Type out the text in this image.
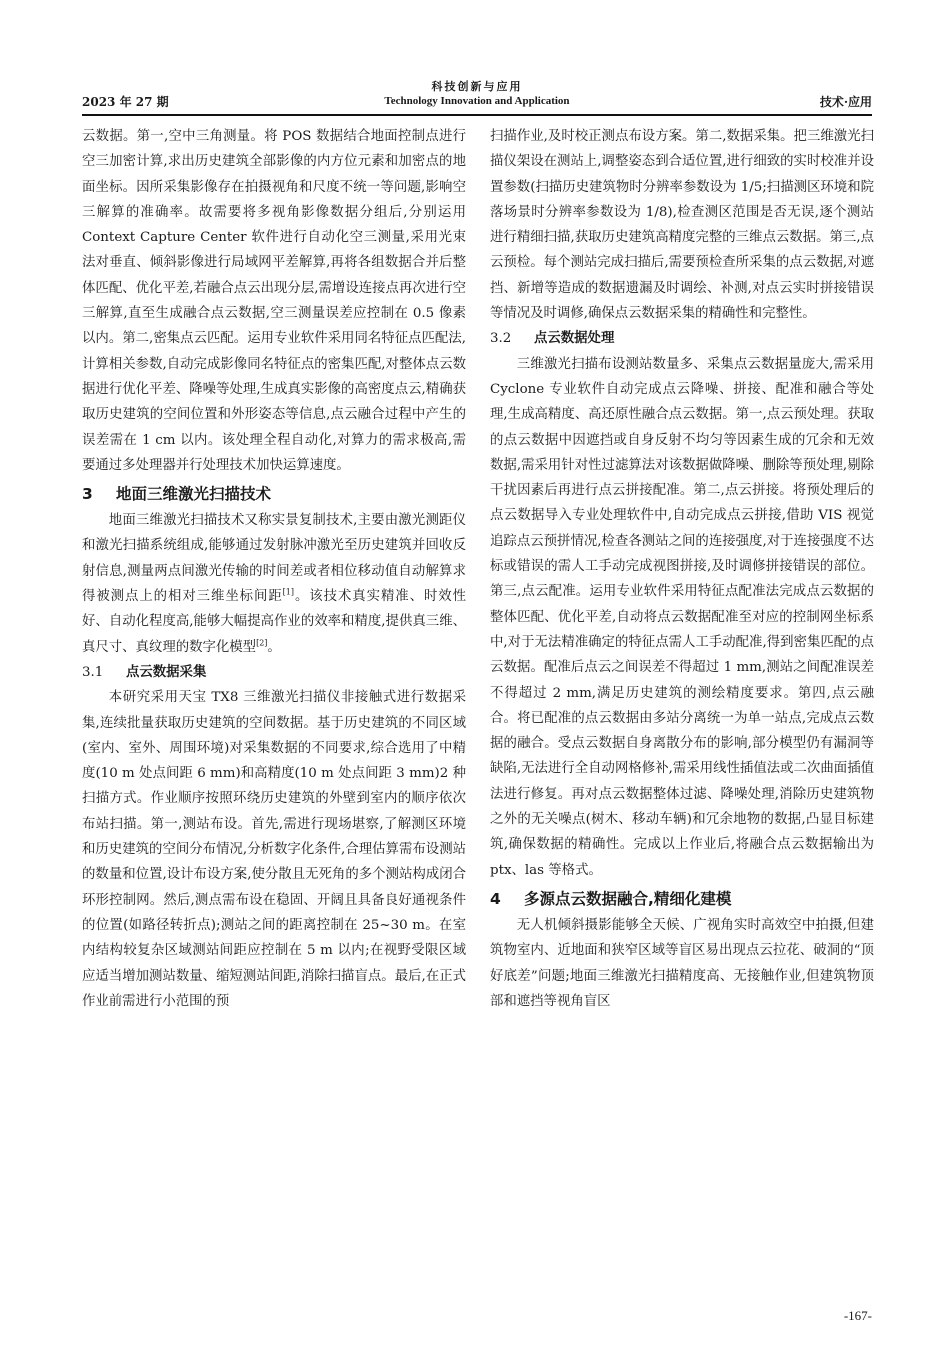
2023 年 27 期
科技创新与应用
Technology Innovation and Application	技术·应用

云数据。第一,空中三角测量。将 POS 数据结合地面控制点进行空三加密计算,求出历史建筑全部影像的内方位元素和加密点的地面坐标。因所采集影像存在拍摄视角和尺度不统一等问题,影响空三解算的准确率。故需要将多视角影像数据分组后,分别运用 Context Capture Center 软件进行自动化空三测量,采用光束法对垂直、倾斜影像进行局域网平差解算,再将各组数据合并后整体匹配、优化平差,若融合点云出现分层,需增设连接点再次进行空三解算,直至生成融合点云数据,空三测量误差应控制在 0.5 像素以内。第二,密集点云匹配。运用专业软件采用同名特征点匹配法,计算相关参数,自动完成影像同名特征点的密集匹配,对整体点云数据进行优化平差、降噪等处理,生成真实影像的高密度点云,精确获取历史建筑的空间位置和外形姿态等信息,点云融合过程中产生的误差需在 1 cm 以内。该处理全程自动化,对算力的需求极高,需要通过多处理器并行处理技术加快运算速度。

3 地面三维激光扫描技术

地面三维激光扫描技术又称实景复制技术,主要由激光测距仪和激光扫描系统组成,能够通过发射脉冲激光至历史建筑并回收反射信息,测量两点间激光传输的时间差或者相位移动值自动解算求得被测点上的相对三维坐标间距[1]。该技术真实精准、时效性好、自动化程度高,能够大幅提高作业的效率和精度,提供真三维、真尺寸、真纹理的数字化模型[2]。

3.1 点云数据采集

本研究采用天宝 TX8 三维激光扫描仪非接触式进行数据采集,连续批量获取历史建筑的空间数据。基于历史建筑的不同区域(室内、室外、周围环境)对采集数据的不同要求,综合选用了中精度(10 m 处点间距 6 mm)和高精度(10 m 处点间距 3 mm)2 种扫描方式。作业顺序按照环绕历史建筑的外壁到室内的顺序依次布站扫描。第一,测站布设。首先,需进行现场堪察,了解测区环境和历史建筑的空间分布情况,分析数字化条件,合理估算需布设测站的数量和位置,设计布设方案,使分散且无死角的多个测站构成闭合环形控制网。然后,测点需布设在稳固、开阔且具备良好通视条件的位置(如路径转折点);测站之间的距离控制在 25~30 m。在室内结构较复杂区域测站间距应控制在 5 m 以内;在视野受限区域应适当增加测站数量、缩短测站间距,消除扫描盲点。最后,在正式作业前需进行小范围的预

扫描作业,及时校正测点布设方案。第二,数据采集。把三维激光扫描仪架设在测站上,调整姿态到合适位置,进行细致的实时校准并设置参数(扫描历史建筑物时分辨率参数设为 1/5;扫描测区环境和院落场景时分辨率参数设为 1/8),检查测区范围是否无误,逐个测站进行精细扫描,获取历史建筑高精度完整的三维点云数据。第三,点云预检。每个测站完成扫描后,需要预检查所采集的点云数据,对遮挡、新增等造成的数据遗漏及时调绘、补测,对点云实时拼接错误等情况及时调修,确保点云数据采集的精确性和完整性。

3.2 点云数据处理

三维激光扫描布设测站数量多、采集点云数据量庞大,需采用 Cyclone 专业软件自动完成点云降噪、拼接、配准和融合等处理,生成高精度、高还原性融合点云数据。第一,点云预处理。获取的点云数据中因遮挡或自身反射不均匀等因素生成的冗余和无效数据,需采用针对性过滤算法对该数据做降噪、删除等预处理,剔除干扰因素后再进行点云拼接配准。第二,点云拼接。将预处理后的点云数据导入专业处理软件中,自动完成点云拼接,借助 VIS 视觉追踪点云预拼情况,检查各测站之间的连接强度,对于连接强度不达标或错误的需人工手动完成视图拼接,及时调修拼接错误的部位。第三,点云配准。运用专业软件采用特征点配准法完成点云数据的整体匹配、优化平差,自动将点云数据配准至对应的控制网坐标系中,对于无法精准确定的特征点需人工手动配准,得到密集匹配的点云数据。配准后点云之间误差不得超过 1 mm,测站之间配准误差不得超过 2 mm,满足历史建筑的测绘精度要求。第四,点云融合。将已配准的点云数据由多站分离统一为单一站点,完成点云数据的融合。受点云数据自身离散分布的影响,部分模型仍有漏洞等缺陷,无法进行全自动网格修补,需采用线性插值法或二次曲面插值法进行修复。再对点云数据整体过滤、降噪处理,消除历史建筑物之外的无关噪点(树木、移动车辆)和冗余地物的数据,凸显目标建筑,确保数据的精确性。完成以上作业后,将融合点云数据输出为 ptx、las 等格式。

4 多源点云数据融合,精细化建模

无人机倾斜摄影能够全天候、广视角实时高效空中拍摄,但建筑物室内、近地面和狭窄区域等盲区易出现点云拉花、破洞的“顶好底差”问题;地面三维激光扫描精度高、无接触作业,但建筑物顶部和遮挡等视角盲区

-167-
